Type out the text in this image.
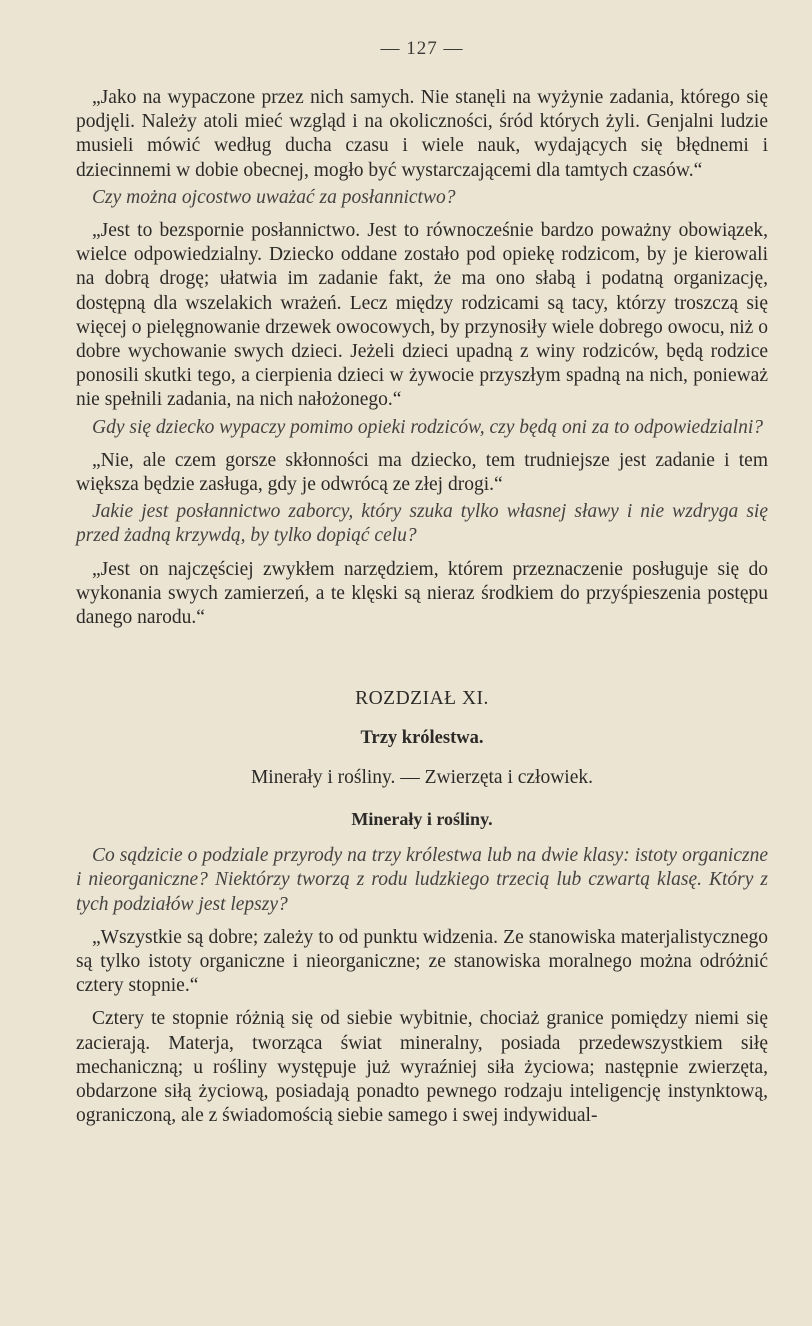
— 127 —

„Jako na wypaczone przez nich samych. Nie stanęli na wyżynie zadania, którego się podjęli. Należy atoli mieć wzgląd i na okoliczności, śród których żyli. Genjalni ludzie musieli mówić według ducha czasu i wiele nauk, wydających się błędnemi i dziecinnemi w dobie obecnej, mogło być wystarczającemi dla tamtych czasów.“

Czy można ojcostwo uważać za posłannictwo?

„Jest to bezspornie posłannictwo. Jest to równocześnie bardzo poważny obowiązek, wielce odpowiedzialny. Dziecko oddane zostało pod opiekę rodzicom, by je kierowali na dobrą drogę; ułatwia im zadanie fakt, że ma ono słabą i podatną organizację, dostępną dla wszelakich wrażeń. Lecz między rodzicami są tacy, którzy troszczą się więcej o pielęgnowanie drzewek owocowych, by przynosiły wiele dobrego owocu, niż o dobre wychowanie swych dzieci. Jeżeli dzieci upadną z winy rodziców, będą rodzice ponosili skutki tego, a cierpienia dzieci w żywocie przyszłym spadną na nich, ponieważ nie spełnili zadania, na nich nałożonego.“

Gdy się dziecko wypaczy pomimo opieki rodziców, czy będą oni za to odpowiedzialni?

„Nie, ale czem gorsze skłonności ma dziecko, tem trudniejsze jest zadanie i tem większa będzie zasługa, gdy je odwrócą ze złej drogi.“

Jakie jest posłannictwo zaborcy, który szuka tylko własnej sławy i nie wzdryga się przed żadną krzywdą, by tylko dopiąć celu?

„Jest on najczęściej zwykłem narzędziem, którem przeznaczenie posługuje się do wykonania swych zamierzeń, a te klęski są nieraz środkiem do przyśpieszenia postępu danego narodu.“

ROZDZIAŁ XI.
Trzy królestwa.
Minerały i rośliny. — Zwierzęta i człowiek.
Minerały i rośliny.

Co sądzicie o podziale przyrody na trzy królestwa lub na dwie klasy: istoty organiczne i nieorganiczne? Niektórzy tworzą z rodu ludzkiego trzecią lub czwartą klasę. Który z tych podziałów jest lepszy?

„Wszystkie są dobre; zależy to od punktu widzenia. Ze stanowiska materjalistycznego są tylko istoty organiczne i nieorganiczne; ze stanowiska moralnego można odróżnić cztery stopnie.“

Cztery te stopnie różnią się od siebie wybitnie, chociaż granice pomiędzy niemi się zacierają. Materja, tworząca świat mineralny, posiada przedewszystkiem siłę mechaniczną; u rośliny występuje już wyraźniej siła życiowa; następnie zwierzęta, obdarzone siłą życiową, posiadają ponadto pewnego rodzaju inteligencję instynktową, ograniczoną, ale z świadomością siebie samego i swej indywidual-
